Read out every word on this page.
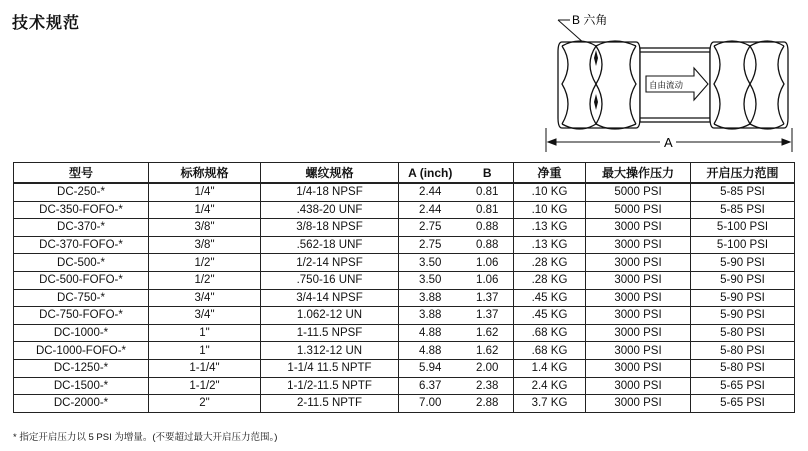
技术规范	B 六角
自由流动
A
型号	标称规格	螺纹规格	A (inch)	B	净重	最大操作压力	开启压力范围
DC-250-*	1/4"	1/4-18 NPSF	2.44	0.81	.10 KG	5000 PSI	5-85 PSI
DC-350-FOFO-*	1/4"	.438-20 UNF	2.44	0.81	.10 KG	5000 PSI	5-85 PSI
DC-370-*	3/8"	3/8-18 NPSF	2.75	0.88	.13 KG	3000 PSI	5-100 PSI
DC-370-FOFO-*	3/8"	.562-18 UNF	2.75	0.88	.13 KG	3000 PSI	5-100 PSI
DC-500-*	1/2"	1/2-14 NPSF	3.50	1.06	.28 KG	3000 PSI	5-90 PSI
DC-500-FOFO-*	1/2"	.750-16 UNF	3.50	1.06	.28 KG	3000 PSI	5-90 PSI
DC-750-*	3/4"	3/4-14 NPSF	3.88	1.37	.45 KG	3000 PSI	5-90 PSI
DC-750-FOFO-*	3/4"	1.062-12 UN	3.88	1.37	.45 KG	3000 PSI	5-90 PSI
DC-1000-*	1"	1-11.5 NPSF	4.88	1.62	.68 KG	3000 PSI	5-80 PSI
DC-1000-FOFO-*	1"	1.312-12 UN	4.88	1.62	.68 KG	3000 PSI	5-80 PSI
DC-1250-*	1-1/4"	1-1/4 11.5 NPTF	5.94	2.00	1.4 KG	3000 PSI	5-80 PSI
DC-1500-*	1-1/2"	1-1/2-11.5 NPTF	6.37	2.38	2.4 KG	3000 PSI	5-65 PSI
DC-2000-*	2"	2-11.5 NPTF	7.00	2.88	3.7 KG	3000 PSI	5-65 PSI
* 指定开启压力以 5 PSI 为增量。(不要超过最大开启压力范围。)
